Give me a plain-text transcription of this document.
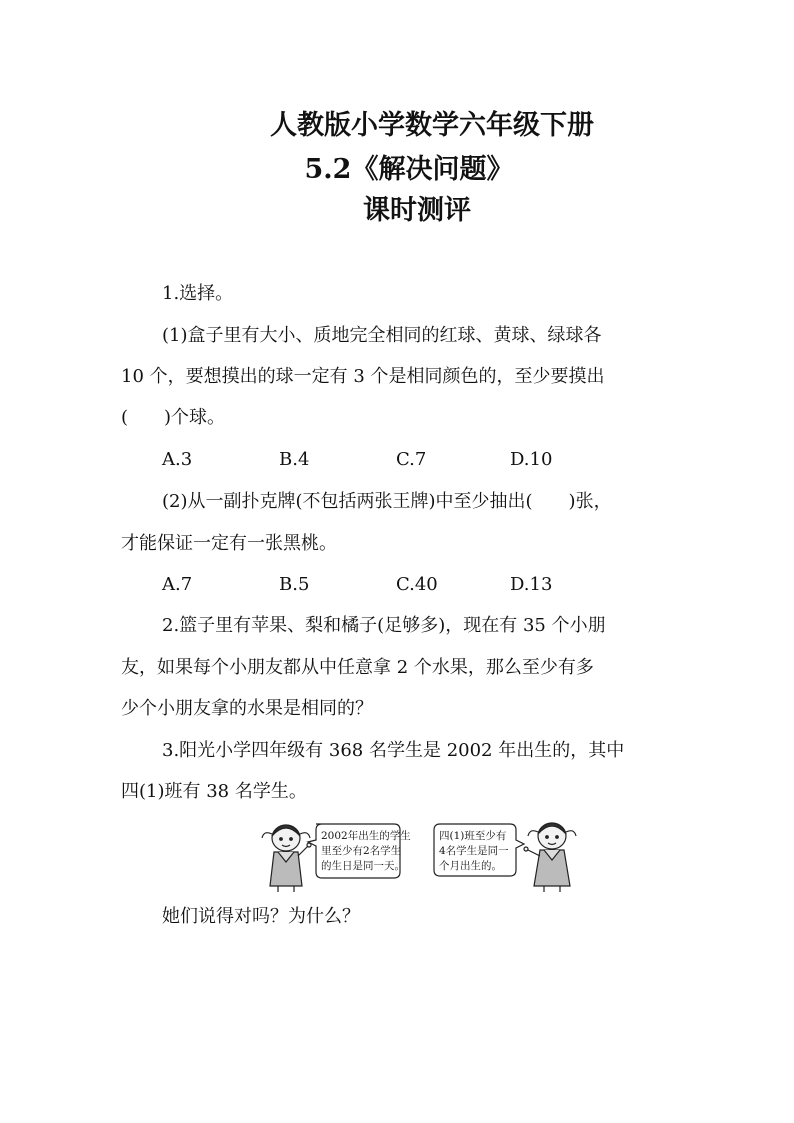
人教版小学数学六年级下册
5.2《解决问题》
课时测评
1.选择。
(1)盒子里有大小、质地完全相同的红球、黄球、绿球各
10 个，要想摸出的球一定有 3 个是相同颜色的，至少要摸出
(　　)个球。
A.3	B.4	C.7	D.10
(2)从一副扑克牌(不包括两张王牌)中至少抽出(　　)张，
才能保证一定有一张黑桃。
A.7	B.5	C.40	D.13
2.篮子里有苹果、梨和橘子(足够多)，现在有 35 个小朋
友，如果每个小朋友都从中任意拿 2 个水果，那么至少有多
少个小朋友拿的水果是相同的？
3.阳光小学四年级有 368 名学生是 2002 年出生的，其中
四(1)班有 38 名学生。
2002年出生的学生
里至少有2名学生
的生日是同一天。
四(1)班至少有
4名学生是同一
个月出生的。
她们说得对吗？为什么？
